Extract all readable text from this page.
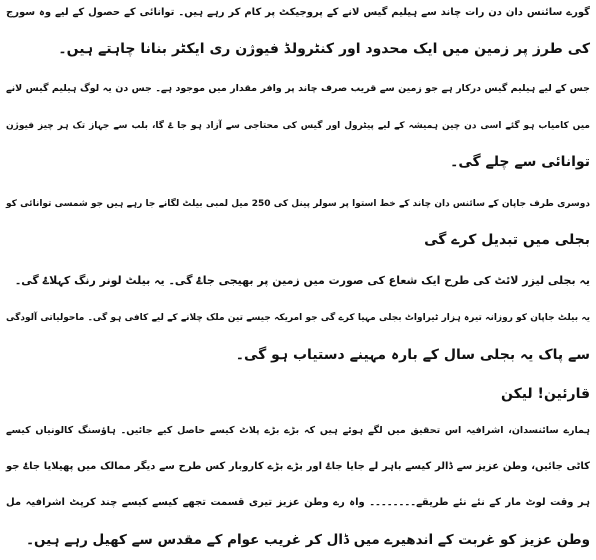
گورے سائنس دان دن رات چاند سے ہیلیم گیس لانے کے پروجیکٹ پر کام کر رہے ہیں۔ توانائی کے حصول کے لیے وہ سورج
کی طرز پر زمین میں ایک محدود اور کنٹرولڈ فیوژن ری ایکٹر بنانا چاہتے ہیں۔
جس کے لیے ہیلیم گیس درکار ہے جو زمین سے قریب صرف چاند پر وافر مقدار میں موجود ہے۔ جس دن یہ لوگ ہیلیم گیس لانے
میں کامیاب ہو گئے اسی دن چین ہمیشہ کے لیے پیٹرول اور گیس کی محتاجی سے آزاد ہو جا ۓ گا، بلب سے جہاز تک ہر چیز فیوژن
توانائی سے چلے گی۔
دوسری طرف جاپان کے سائنس دان چاند کے خط استوا پر سولر پینل کی 250 میل لمبی بیلٹ لگانے جا رہے ہیں جو شمسی توانائی کو
بجلی میں تبدیل کرے گی
یہ بجلی لیزر لائٹ کی طرح ایک شعاع کی صورت میں زمین پر بھیجی جاۓ گی۔ یہ بیلٹ لونر رنگ کہلاۓ گی۔
یہ بیلٹ جاپان کو روزانہ تیرہ ہزار ٹیراواٹ بجلی مہیا کرے گی جو امریکہ جیسے تین ملک چلانے کے لیے کافی ہو گی۔ ماحولیاتی آلودگی
سے پاک یہ بجلی سال کے بارہ مہینے دستیاب ہو گی۔
قارئین! لیکن
ہمارے سائنسدان، اشرافیہ اس تحقیق میں لگے ہوئے ہیں کہ بڑے بڑے پلاٹ کیسے حاصل کیے جائیں۔ ہاؤسنگ کالونیاں کیسے
کاٹی جائیں، وطن عزیز سے ڈالر کیسے باہر لے جایا جاۓ اور بڑے بڑے کاروبار کس طرح سے دیگر ممالک میں پھیلایا جاۓ جو
ہر وقت لوٹ مار کے نئے نئے طریقے۔۔۔۔۔۔۔۔ واہ رے وطن عزیز تیری قسمت تجھے کیسے کیسے چند کرپٹ اشرافیہ مل
وطن عزیز کو غربت کے اندھیرے میں ڈال کر غریب عوام کے مقدس سے کھیل رہے ہیں۔
